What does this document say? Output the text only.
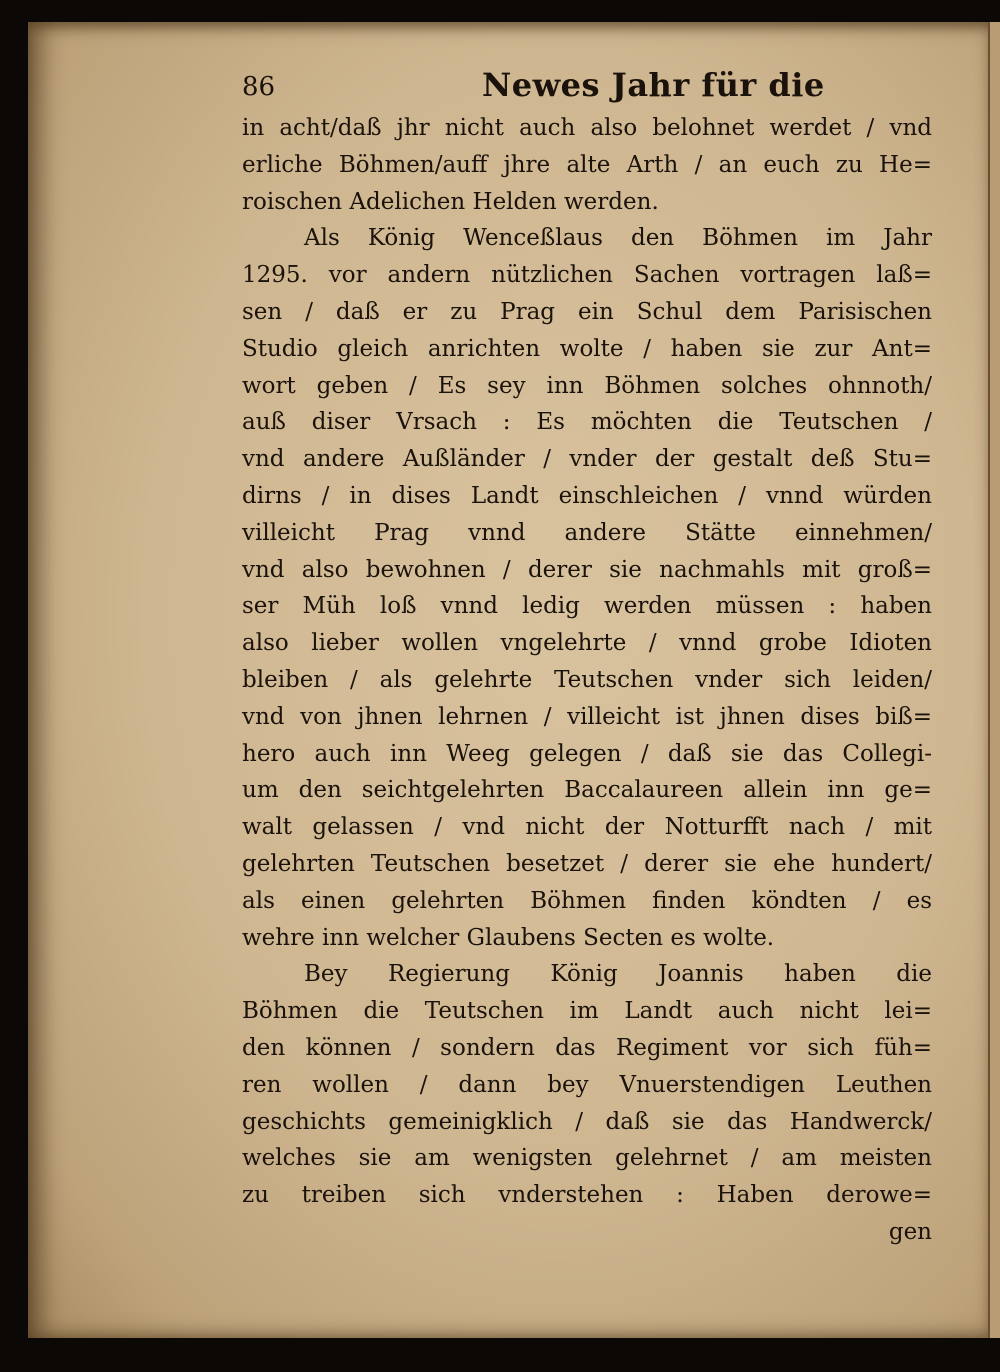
86	Newes Jahr für die
in acht/daß jhr nicht auch also belohnet werdet / vnd
erliche Böhmen/auff jhre alte Arth / an euch zu He=
roischen Adelichen Helden werden.
Als König Wenceßlaus den Böhmen im Jahr
1295. vor andern nützlichen Sachen vortragen laß=
sen / daß er zu Prag ein Schul dem Parisischen
Studio gleich anrichten wolte / haben sie zur Ant=
wort geben / Es sey inn Böhmen solches ohnnoth/
auß diser Vrsach : Es möchten die Teutschen /
vnd andere Außländer / vnder der gestalt deß Stu=
dirns / in dises Landt einschleichen / vnnd würden
villeicht Prag vnnd andere Stätte einnehmen/
vnd also bewohnen / derer sie nachmahls mit groß=
ser Müh loß vnnd ledig werden müssen : haben
also lieber wollen vngelehrte / vnnd grobe Idioten
bleiben / als gelehrte Teutschen vnder sich leiden/
vnd von jhnen lehrnen / villeicht ist jhnen dises biß=
hero auch inn Weeg gelegen / daß sie das Collegi-
um den seichtgelehrten Baccalaureen allein inn ge=
walt gelassen / vnd nicht der Notturfft nach / mit
gelehrten Teutschen besetzet / derer sie ehe hundert/
als einen gelehrten Böhmen finden köndten / es
wehre inn welcher Glaubens Secten es wolte.
Bey Regierung König Joannis haben die
Böhmen die Teutschen im Landt auch nicht lei=
den können / sondern das Regiment vor sich füh=
ren wollen / dann bey Vnuerstendigen Leuthen
geschichts gemeinigklich / daß sie das Handwerck/
welches sie am wenigsten gelehrnet / am meisten
zu treiben sich vnderstehen : Haben derowe=
gen
